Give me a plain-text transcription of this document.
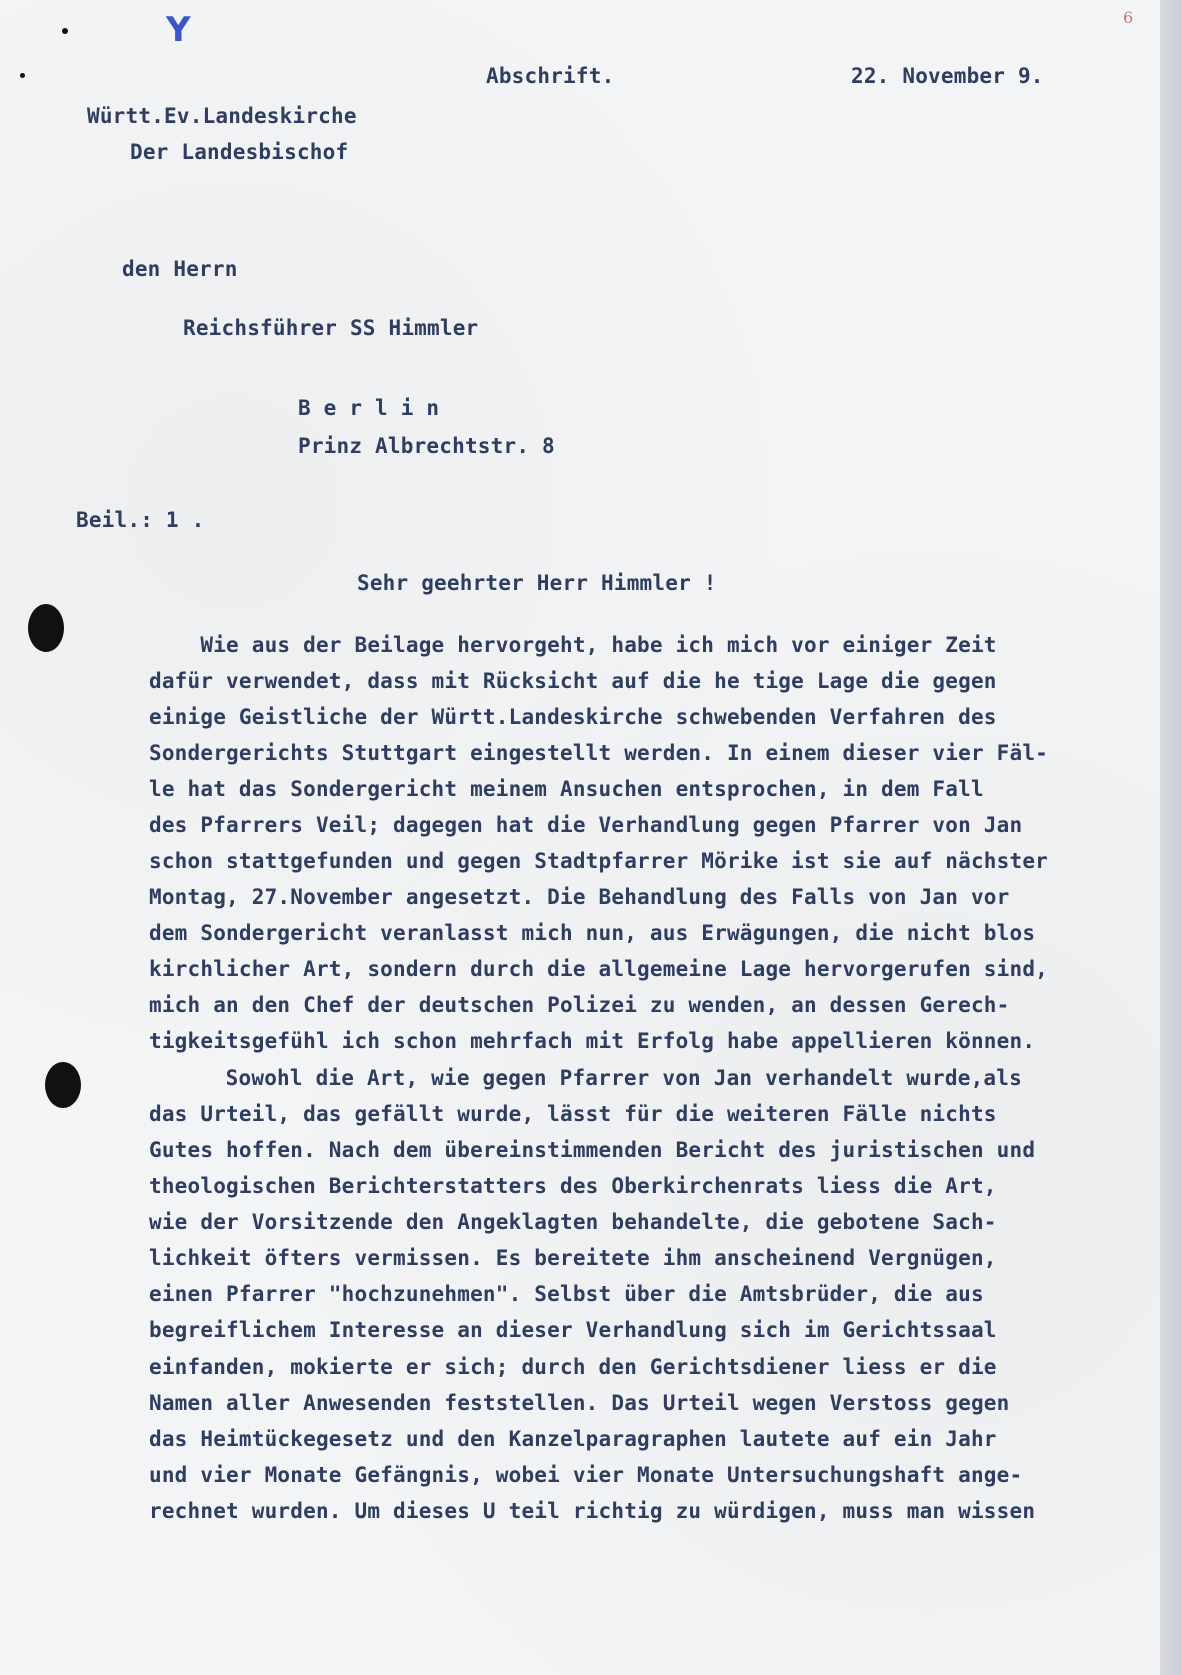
Y	6
Abschrift.	22. November 9.
Württ.Ev.Landeskirche
Der Landesbischof
den Herrn
Reichsführer SS Himmler
B e r l i n
Prinz Albrechtstr. 8
Beil.: 1 .
Sehr geehrter Herr Himmler !
Wie aus der Beilage hervorgeht, habe ich mich vor einiger Zeit
dafür verwendet, dass mit Rücksicht auf die he tige Lage die gegen
einige Geistliche der Württ.Landeskirche schwebenden Verfahren des
Sondergerichts Stuttgart eingestellt werden. In einem dieser vier Fäl-
le hat das Sondergericht meinem Ansuchen entsprochen, in dem Fall
des Pfarrers Veil; dagegen hat die Verhandlung gegen Pfarrer von Jan
schon stattgefunden und gegen Stadtpfarrer Mörike ist sie auf nächster
Montag, 27.November angesetzt. Die Behandlung des Falls von Jan vor
dem Sondergericht veranlasst mich nun, aus Erwägungen, die nicht blos
kirchlicher Art, sondern durch die allgemeine Lage hervorgerufen sind,
mich an den Chef der deutschen Polizei zu wenden, an dessen Gerech-
tigkeitsgefühl ich schon mehrfach mit Erfolg habe appellieren können.
Sowohl die Art, wie gegen Pfarrer von Jan verhandelt wurde,als
das Urteil, das gefällt wurde, lässt für die weiteren Fälle nichts
Gutes hoffen. Nach dem übereinstimmenden Bericht des juristischen und
theologischen Berichterstatters des Oberkirchenrats liess die Art,
wie der Vorsitzende den Angeklagten behandelte, die gebotene Sach-
lichkeit öfters vermissen. Es bereitete ihm anscheinend Vergnügen,
einen Pfarrer "hochzunehmen". Selbst über die Amtsbrüder, die aus
begreiflichem Interesse an dieser Verhandlung sich im Gerichtssaal
einfanden, mokierte er sich; durch den Gerichtsdiener liess er die
Namen aller Anwesenden feststellen. Das Urteil wegen Verstoss gegen
das Heimtückegesetz und den Kanzelparagraphen lautete auf ein Jahr
und vier Monate Gefängnis, wobei vier Monate Untersuchungshaft ange-
rechnet wurden. Um dieses U teil richtig zu würdigen, muss man wissen
